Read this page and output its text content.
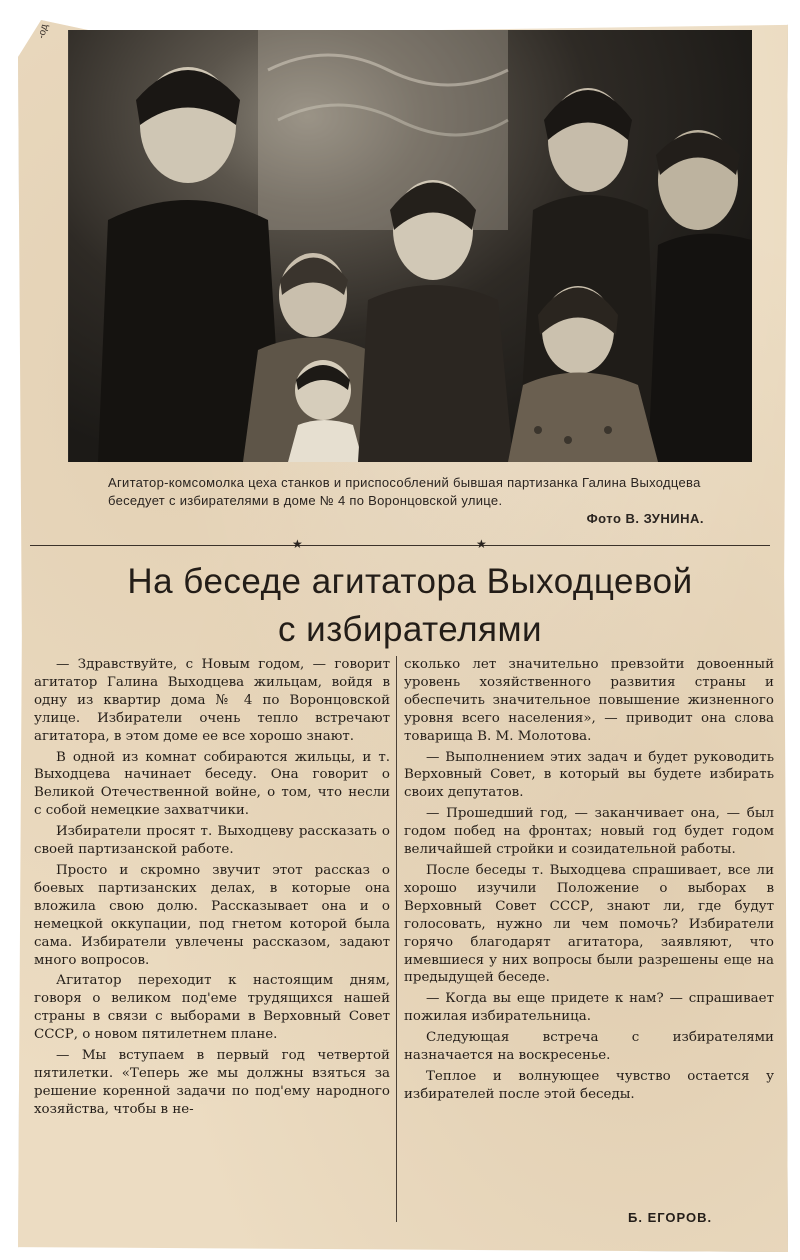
-од
Агитатор-комсомолка цеха станков и приспособлений бывшая партизанка Галина Выходцева беседует с избирателями в доме № 4 по Воронцовской улице.
Фото В. ЗУНИНА.
★	★
На беседе агитатора Выходцевой
с избирателями

— Здравствуйте, с Новым годом, — говорит агитатор Галина Выходцева жильцам, войдя в одну из квартир дома № 4 по Воронцовской улице. Избиратели очень тепло встречают агитатора, в этом доме ее все хорошо знают.

В одной из комнат собираются жильцы, и т. Выходцева начинает беседу. Она говорит о Великой Отечественной войне, о том, что несли с собой немецкие захватчики.

Избиратели просят т. Выходцеву рассказать о своей партизанской работе.

Просто и скромно звучит этот рассказ о боевых партизанских делах, в которые она вложила свою долю. Рассказывает она и о немецкой оккупации, под гнетом которой была сама. Избиратели увлечены рассказом, задают много вопросов.

Агитатор переходит к настоящим дням, говоря о великом под'еме трудящихся нашей страны в связи с выборами в Верховный Совет СССР, о новом пятилетнем плане.

— Мы вступаем в первый год четвертой пятилетки. «Теперь же мы должны взяться за решение коренной задачи по под'ему народного хозяйства, чтобы в не-

сколько лет значительно превзойти довоенный уровень хозяйственного развития страны и обеспечить значительное повышение жизненного уровня всего населения», — приводит она слова товарища В. М. Молотова.

— Выполнением этих задач и будет руководить Верховный Совет, в который вы будете избирать своих депутатов.

— Прошедший год, — заканчивает она, — был годом побед на фронтах; новый год будет годом величайшей стройки и созидательной работы.

После беседы т. Выходцева спрашивает, все ли хорошо изучили Положение о выборах в Верховный Совет СССР, знают ли, где будут голосовать, нужно ли чем помочь? Избиратели горячо благодарят агитатора, заявляют, что имевшиеся у них вопросы были разрешены еще на предыдущей беседе.

— Когда вы еще придете к нам? — спрашивает пожилая избирательница.

Следующая встреча с избирателями назначается на воскресенье.

Теплое и волнующее чувство остается у избирателей после этой беседы.

Б. ЕГОРОВ.
